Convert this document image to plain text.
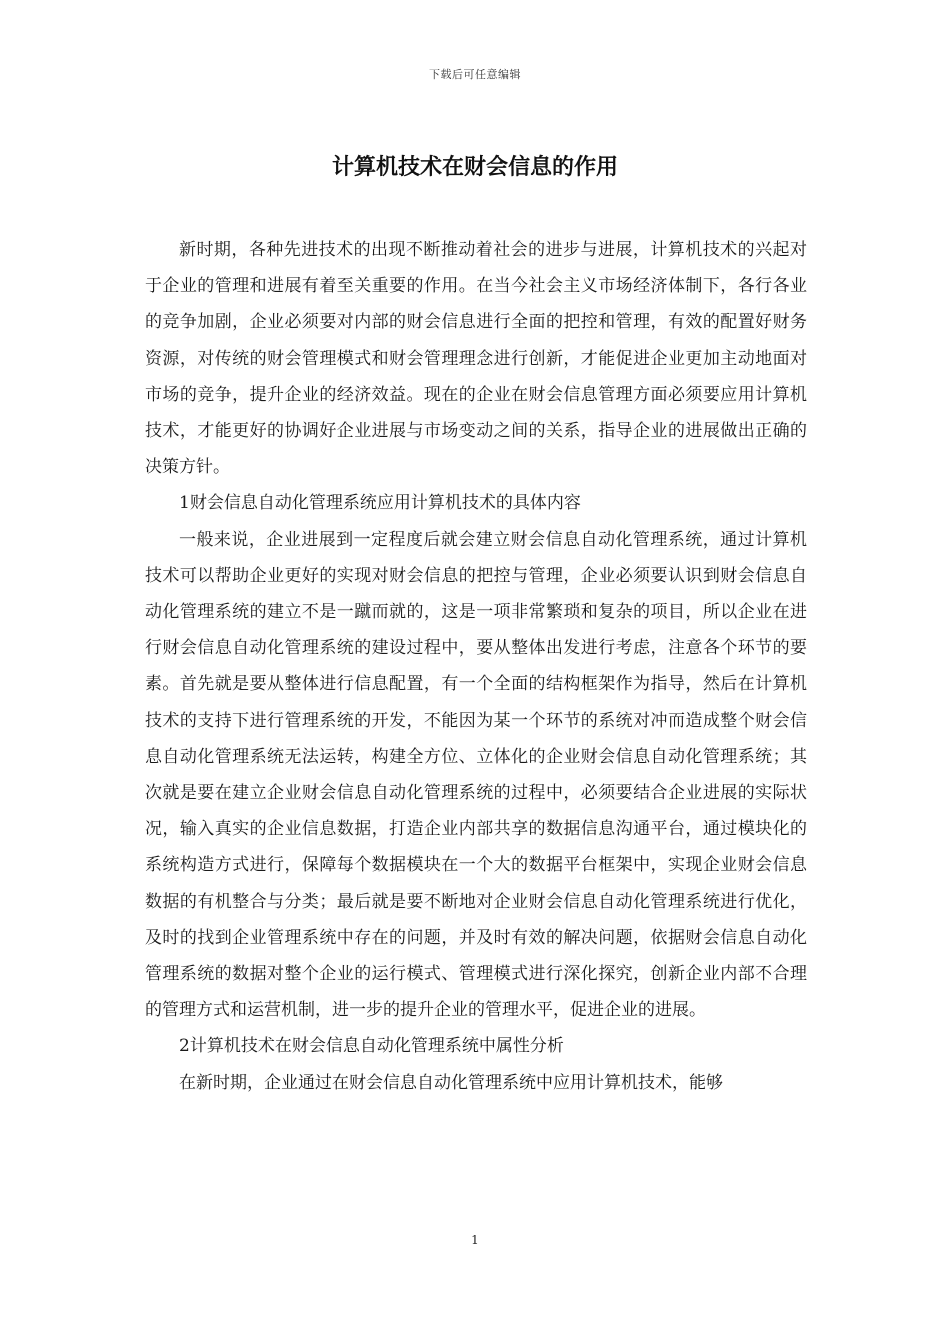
下载后可任意编辑
计算机技术在财会信息的作用

新时期，各种先进技术的出现不断推动着社会的进步与进展，计算机技术的兴起对于企业的管理和进展有着至关重要的作用。在当今社会主义市场经济体制下，各行各业的竞争加剧，企业必须要对内部的财会信息进行全面的把控和管理，有效的配置好财务资源，对传统的财会管理模式和财会管理理念进行创新，才能促进企业更加主动地面对市场的竞争，提升企业的经济效益。现在的企业在财会信息管理方面必须要应用计算机技术，才能更好的协调好企业进展与市场变动之间的关系，指导企业的进展做出正确的决策方针。

1财会信息自动化管理系统应用计算机技术的具体内容

一般来说，企业进展到一定程度后就会建立财会信息自动化管理系统，通过计算机技术可以帮助企业更好的实现对财会信息的把控与管理，企业必须要认识到财会信息自动化管理系统的建立不是一蹴而就的，这是一项非常繁琐和复杂的项目，所以企业在进行财会信息自动化管理系统的建设过程中，要从整体出发进行考虑，注意各个环节的要素。首先就是要从整体进行信息配置，有一个全面的结构框架作为指导，然后在计算机技术的支持下进行管理系统的开发，不能因为某一个环节的系统对冲而造成整个财会信息自动化管理系统无法运转，构建全方位、立体化的企业财会信息自动化管理系统；其次就是要在建立企业财会信息自动化管理系统的过程中，必须要结合企业进展的实际状况，输入真实的企业信息数据，打造企业内部共享的数据信息沟通平台，通过模块化的系统构造方式进行，保障每个数据模块在一个大的数据平台框架中，实现企业财会信息数据的有机整合与分类；最后就是要不断地对企业财会信息自动化管理系统进行优化，及时的找到企业管理系统中存在的问题，并及时有效的解决问题，依据财会信息自动化管理系统的数据对整个企业的运行模式、管理模式进行深化探究，创新企业内部不合理的管理方式和运营机制，进一步的提升企业的管理水平，促进企业的进展。

2计算机技术在财会信息自动化管理系统中属性分析

在新时期，企业通过在财会信息自动化管理系统中应用计算机技术，能够

1
